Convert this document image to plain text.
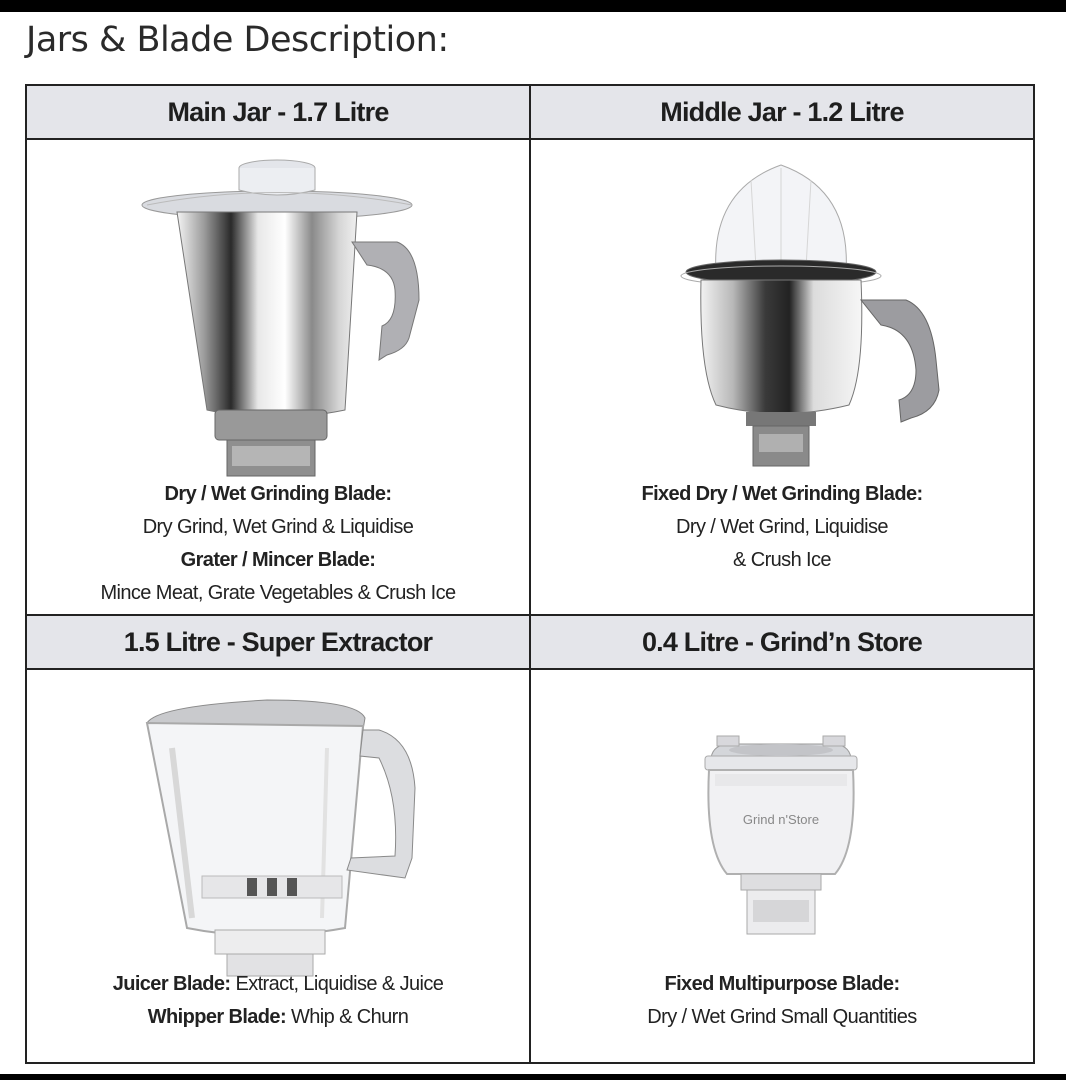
Jars & Blade Description:
Main Jar - 1.7 Litre
Dry / Wet Grinding Blade:
Dry Grind, Wet Grind & Liquidise
Grater / Mincer Blade:
Mince Meat, Grate Vegetables & Crush Ice
Middle Jar - 1.2 Litre
Fixed Dry / Wet Grinding Blade:
Dry / Wet Grind, Liquidise
& Crush Ice
1.5 Litre - Super Extractor
Juicer Blade: Extract, Liquidise & Juice
Whipper Blade: Whip & Churn
0.4 Litre - Grind’n Store
Grind n'Store
Fixed Multipurpose Blade:
Dry / Wet Grind Small Quantities
